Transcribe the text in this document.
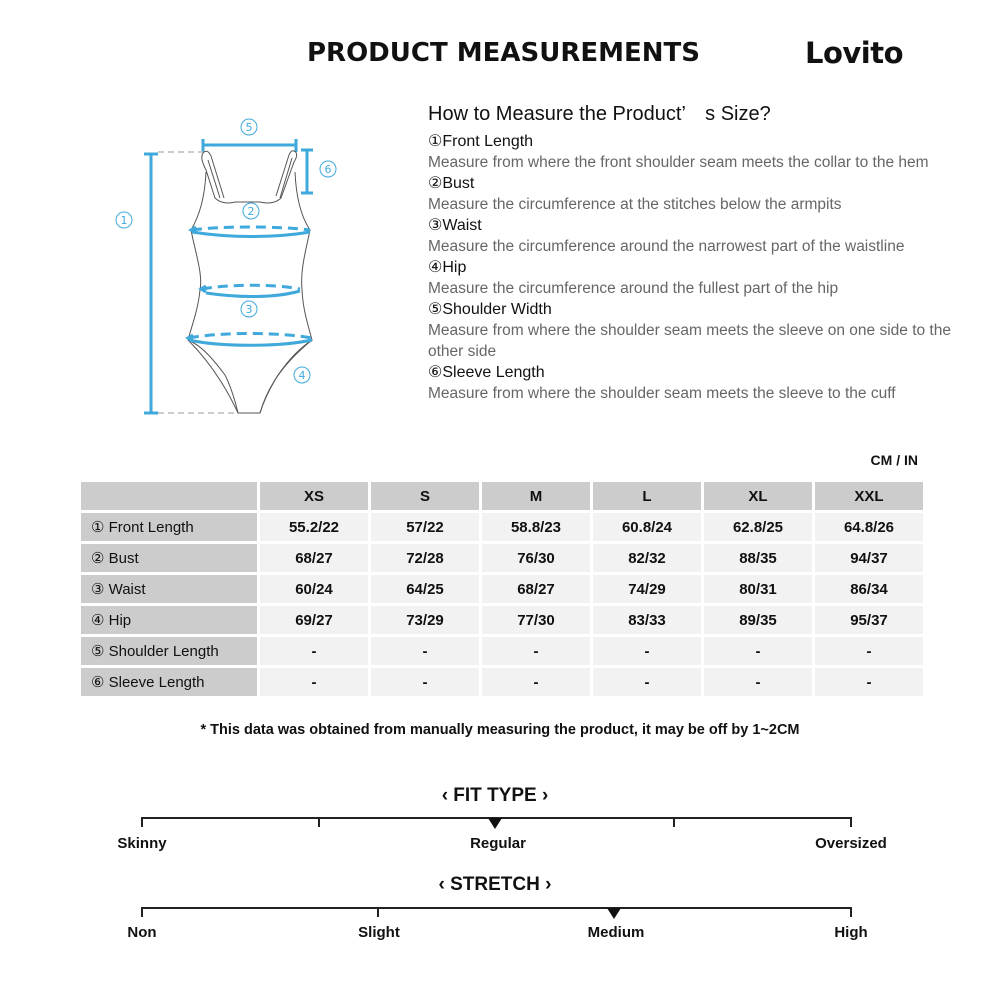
PRODUCT MEASUREMENTS	Lovito
1
2
3
4
5
6
How to Measure the Product’　s Size?
①Front Length
Measure from where the front shoulder seam meets the collar to the hem
②Bust
Measure the circumference at the stitches below the armpits
③Waist
Measure the circumference around the narrowest part of the waistline
④Hip
Measure the circumference around the fullest part of the hip
⑤Shoulder Width
Measure from where the shoulder seam meets the sleeve on one side to the other side
⑥Sleeve Length
Measure from where the shoulder seam meets the sleeve to the cuff
CM / IN
	XS	S	M	L	XL	XXL
① Front Length	55.2/22	57/22	58.8/23	60.8/24	62.8/25	64.8/26
② Bust	68/27	72/28	76/30	82/32	88/35	94/37
③ Waist	60/24	64/25	68/27	74/29	80/31	86/34
④ Hip	69/27	73/29	77/30	83/33	89/35	95/37
⑤ Shoulder Length	-	-	-	-	-	-
⑥ Sleeve Length	-	-	-	-	-	-
* This data was obtained from manually measuring the product, it may be off by 1~2CM
‹ FIT TYPE ›
Skinny	Regular	Oversized
‹ STRETCH ›
Non	Slight	Medium	High
